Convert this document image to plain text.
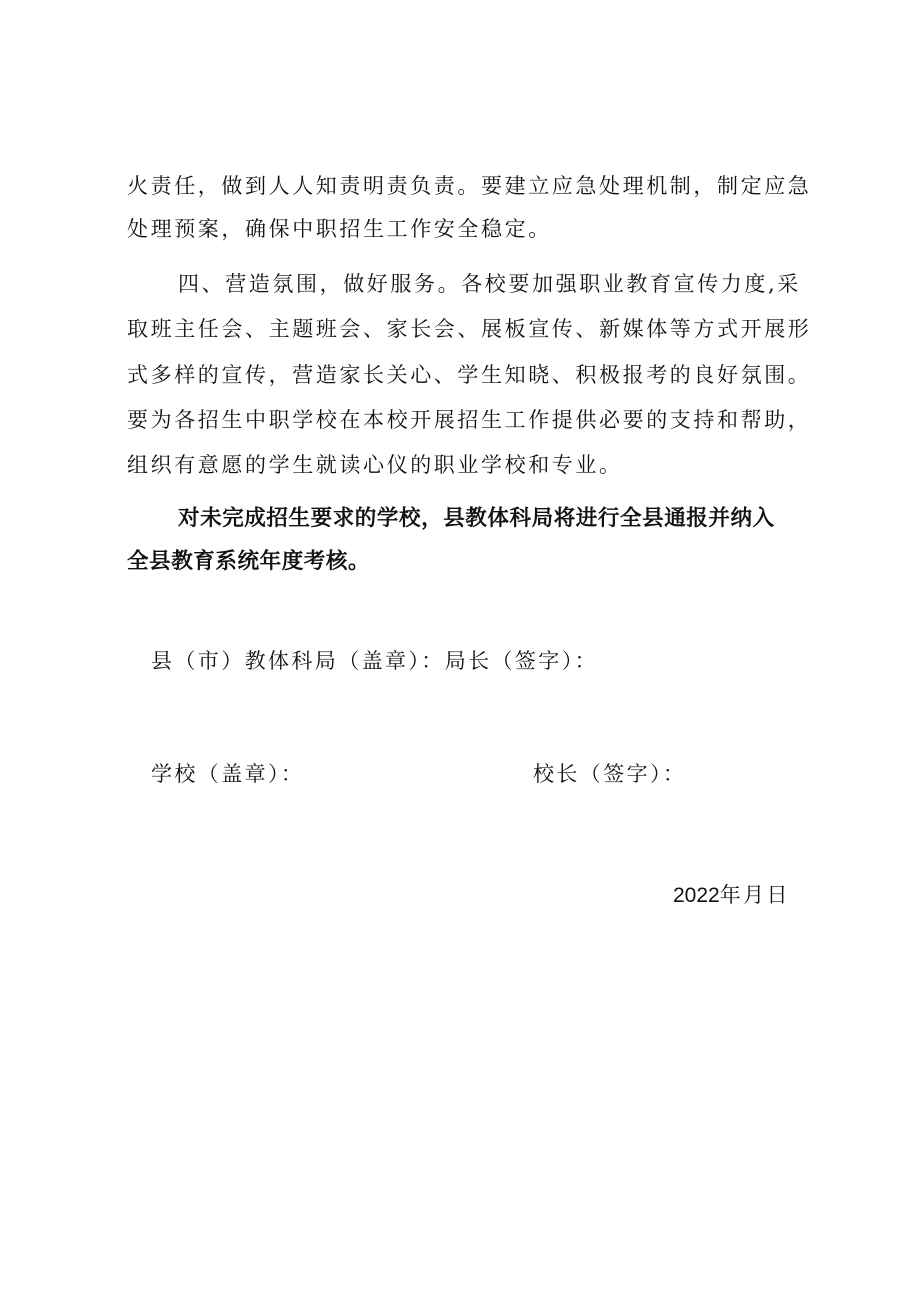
火责任，做到人人知责明责负责。要建立应急处理机制，制定应急

处理预案，确保中职招生工作安全稳定。

四、营造氛围，做好服务。各校要加强职业教育宣传力度,采

取班主任会、主题班会、家长会、展板宣传、新媒体等方式开展形

式多样的宣传，营造家长关心、学生知晓、积极报考的良好氛围。

要为各招生中职学校在本校开展招生工作提供必要的支持和帮助，

组织有意愿的学生就读心仪的职业学校和专业。

对未完成招生要求的学校，县教体科局将进行全县通报并纳入

全县教育系统年度考核。

县（市）教体科局（盖章）：局长（签字）：
学校（盖章）：	校长（签字）：
2022年月日
